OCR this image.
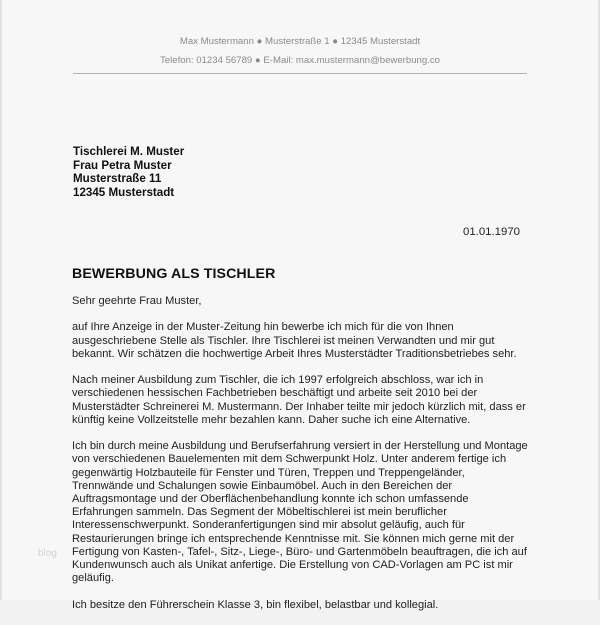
Max Mustermann ● Musterstraße 1 ● 12345 Musterstadt
Telefon: 01234 56789 ● E-Mail: max.mustermann@bewerbung.co
Tischlerei M. Muster
Frau Petra Muster
Musterstraße 11
12345 Musterstadt
01.01.1970
BEWERBUNG ALS TISCHLER
Sehr geehrte Frau Muster,
auf Ihre Anzeige in der Muster-Zeitung hin bewerbe ich mich für die von Ihnen
ausgeschriebene Stelle als Tischler. Ihre Tischlerei ist meinen Verwandten und mir gut
bekannt. Wir schätzen die hochwertige Arbeit Ihres Musterstädter Traditionsbetriebes sehr.
Nach meiner Ausbildung zum Tischler, die ich 1997 erfolgreich abschloss, war ich in
verschiedenen hessischen Fachbetrieben beschäftigt und arbeite seit 2010 bei der
Musterstädter Schreinerei M. Mustermann. Der Inhaber teilte mir jedoch kürzlich mit, dass er
künftig keine Vollzeitstelle mehr bezahlen kann. Daher suche ich eine Alternative.
Ich bin durch meine Ausbildung und Berufserfahrung versiert in der Herstellung und Montage
von verschiedenen Bauelementen mit dem Schwerpunkt Holz. Unter anderem fertige ich
gegenwärtig Holzbauteile für Fenster und Türen, Treppen und Treppengeländer,
Trennwände und Schalungen sowie Einbaumöbel. Auch in den Bereichen der
Auftragsmontage und der Oberflächenbehandlung konnte ich schon umfassende
Erfahrungen sammeln. Das Segment der Möbeltischlerei ist mein beruflicher
Interessenschwerpunkt. Sonderanfertigungen sind mir absolut geläufig, auch für
Restaurierungen bringe ich entsprechende Kenntnisse mit. Sie können mich gerne mit der
Fertigung von Kasten-, Tafel-, Sitz-, Liege-, Büro- und Gartenmöbeln beauftragen, die ich auf
Kundenwunsch auch als Unikat anfertige. Die Erstellung von CAD-Vorlagen am PC ist mir
geläufig.
Ich besitze den Führerschein Klasse 3, bin flexibel, belastbar und kollegial.
blog
